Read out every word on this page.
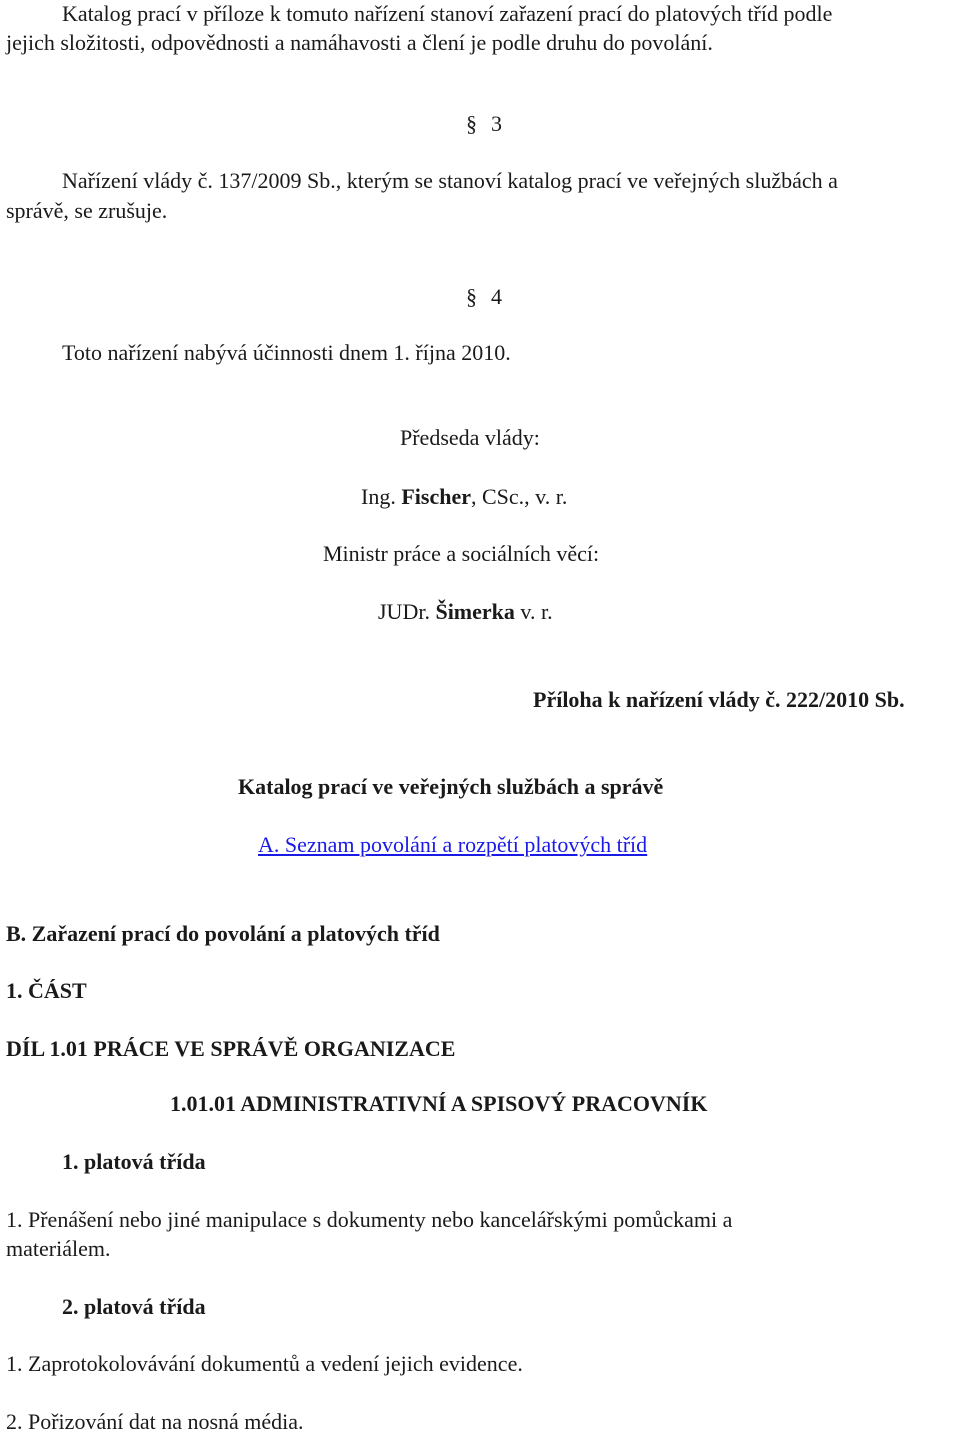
Katalog prací v příloze k tomuto nařízení stanoví zařazení prací do platových tříd podle

jejich složitosti, odpovědnosti a namáhavosti a člení je podle druhu do povolání.

§ 3

Nařízení vlády č. 137/2009 Sb., kterým se stanoví katalog prací ve veřejných službách a

správě, se zrušuje.

§ 4

Toto nařízení nabývá účinnosti dnem 1. října 2010.

Předseda vlády:

Ing. Fischer, CSc., v. r.

Ministr práce a sociálních věcí:

JUDr. Šimerka v. r.

Příloha k nařízení vlády č. 222/2010 Sb.

Katalog prací ve veřejných službách a správě

A. Seznam povolání a rozpětí platových tříd

B. Zařazení prací do povolání a platových tříd

1. ČÁST

DÍL 1.01 PRÁCE VE SPRÁVĚ ORGANIZACE

1.01.01 ADMINISTRATIVNÍ A SPISOVÝ PRACOVNÍK

1. platová třída

1. Přenášení nebo jiné manipulace s dokumenty nebo kancelářskými pomůckami a

materiálem.

2. platová třída

1. Zaprotokolovávání dokumentů a vedení jejich evidence.

2. Pořizování dat na nosná média.
